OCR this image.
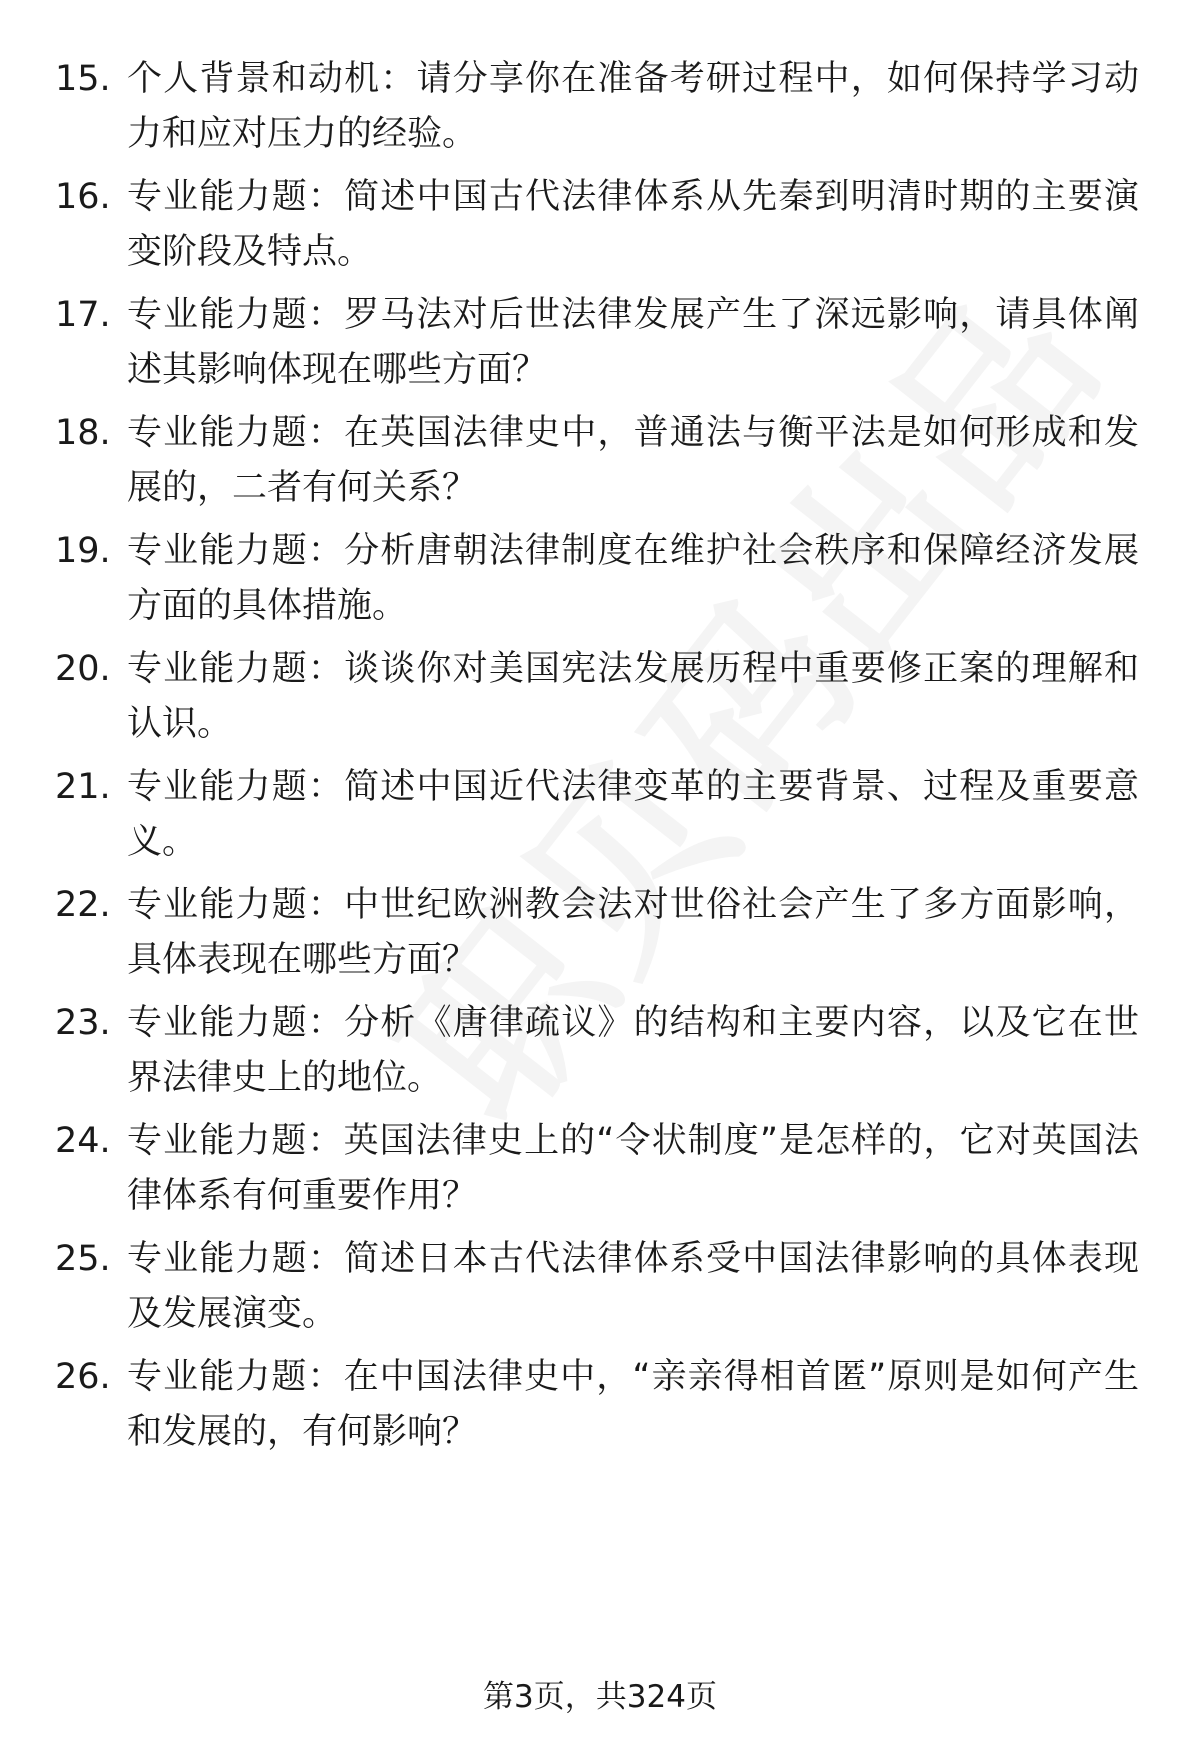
15. 个人背景和动机：请分享你在准备考研过程中，如何保持学习动力和应对压力的经验。
16. 专业能力题：简述中国古代法律体系从先秦到明清时期的主要演变阶段及特点。
17. 专业能力题：罗马法对后世法律发展产生了深远影响，请具体阐述其影响体现在哪些方面？
18. 专业能力题：在英国法律史中，普通法与衡平法是如何形成和发展的，二者有何关系？
19. 专业能力题：分析唐朝法律制度在维护社会秩序和保障经济发展方面的具体措施。
20. 专业能力题：谈谈你对美国宪法发展历程中重要修正案的理解和认识。
21. 专业能力题：简述中国近代法律变革的主要背景、过程及重要意义。
22. 专业能力题：中世纪欧洲教会法对世俗社会产生了多方面影响，具体表现在哪些方面？
23. 专业能力题：分析《唐律疏议》的结构和主要内容，以及它在世界法律史上的地位。
24. 专业能力题：英国法律史上的“令状制度”是怎样的，它对英国法律体系有何重要作用？
25. 专业能力题：简述日本古代法律体系受中国法律影响的具体表现及发展演变。
26. 专业能力题：在中国法律史中，“亲亲得相首匿”原则是如何产生和发展的，有何影响？
第3页，共324页
